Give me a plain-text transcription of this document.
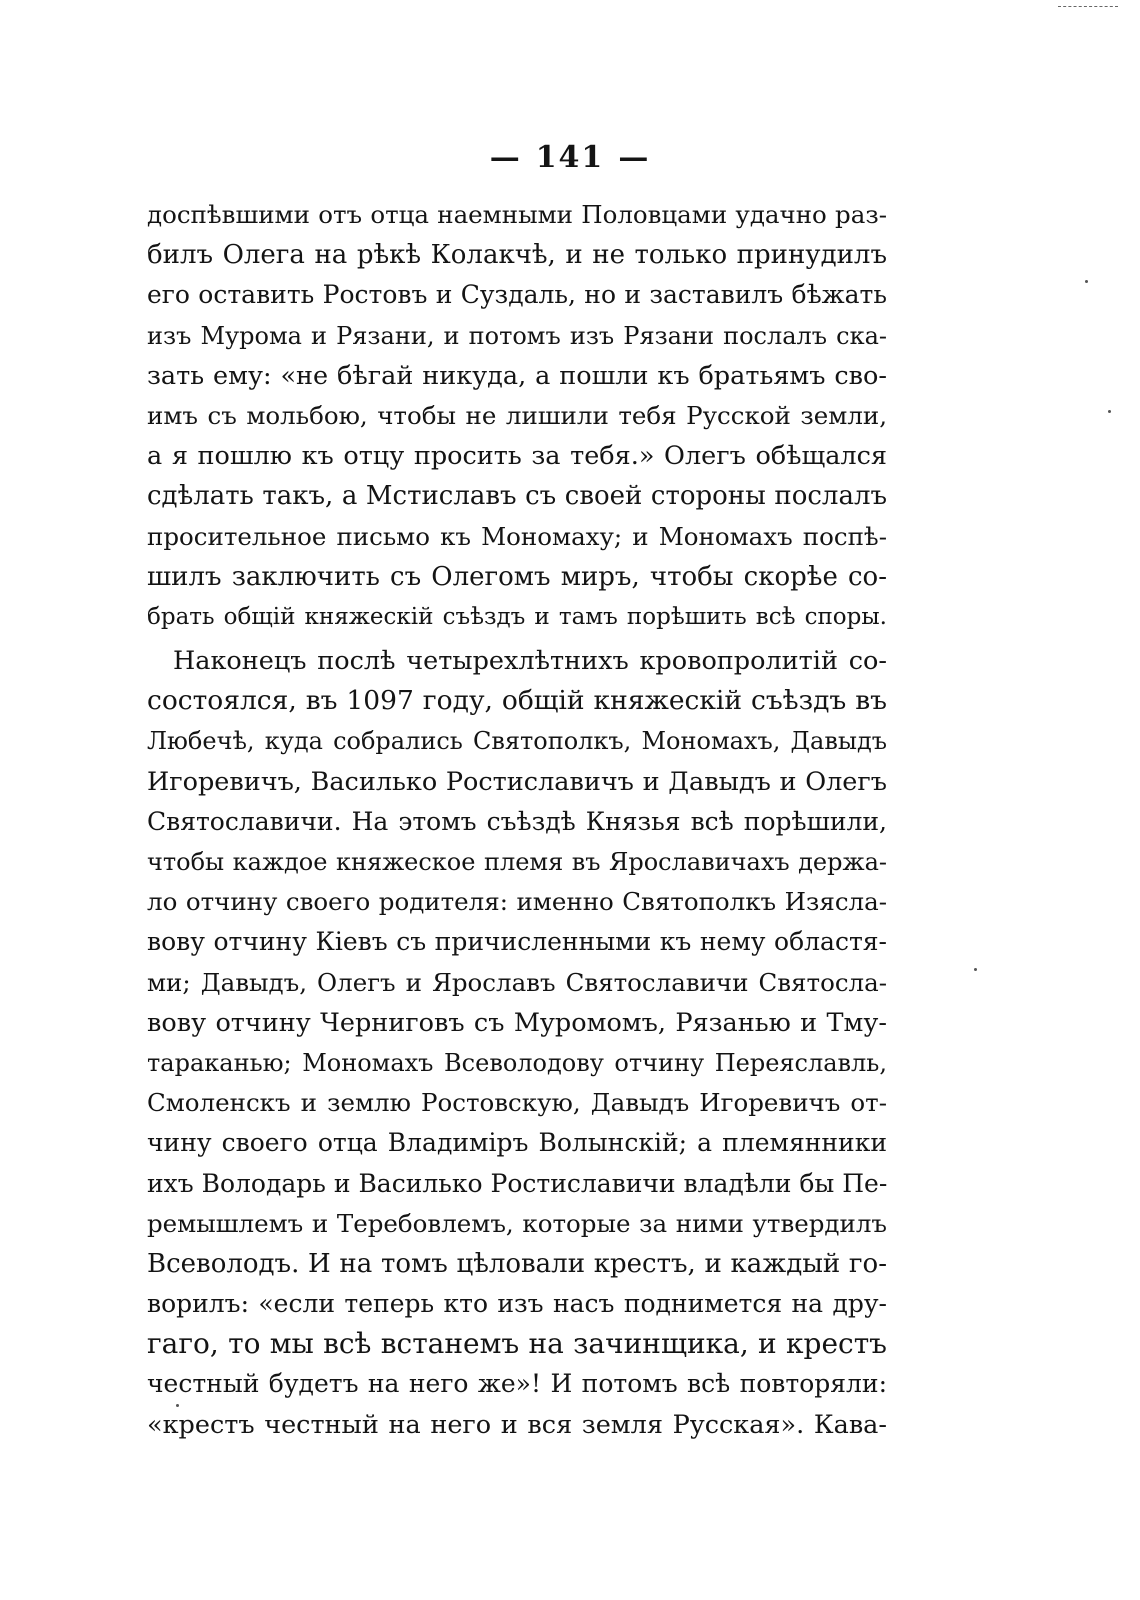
— 141 —
доспѣвшими отъ отца наемными Половцами удачно раз-
билъ Олега на рѣкѣ Колакчѣ, и не только принудилъ
его оставить Ростовъ и Суздаль, но и заставилъ бѣжать
изъ Мурома и Рязани, и потомъ изъ Рязани послалъ ска-
зать ему: «не бѣгай никуда, а пошли къ братьямъ сво-
имъ съ мольбою, чтобы не лишили тебя Русской земли,
а я пошлю къ отцу просить за тебя.» Олегъ обѣщался
сдѣлать такъ, а Мстиславъ съ своей стороны послалъ
просительное письмо къ Мономаху; и Мономахъ поспѣ-
шилъ заключить съ Олегомъ миръ, чтобы скорѣе со-
брать общій княжескій съѣздъ и тамъ порѣшить всѣ споры.
Наконецъ послѣ четырехлѣтнихъ кровопролитій со-
состоялся, въ 1097 году, общій княжескій съѣздъ въ
Любечѣ, куда собрались Святополкъ, Мономахъ, Давыдъ
Игоревичъ, Василько Ростиславичъ и Давыдъ и Олегъ
Святославичи. На этомъ съѣздѣ Князья всѣ порѣшили,
чтобы каждое княжеское племя въ Ярославичахъ держа-
ло отчину своего родителя: именно Святополкъ Изясла-
вову отчину Кіевъ съ причисленными къ нему областя-
ми; Давыдъ, Олегъ и Ярославъ Святославичи Святосла-
вову отчину Черниговъ съ Муромомъ, Рязанью и Тму-
тараканью; Мономахъ Всеволодову отчину Переяславль,
Смоленскъ и землю Ростовскую, Давыдъ Игоревичъ от-
чину своего отца Владиміръ Волынскій; а племянники
ихъ Володарь и Василько Ростиславичи владѣли бы Пе-
ремышлемъ и Теребовлемъ, которые за ними утвердилъ
Всеволодъ. И на томъ цѣловали крестъ, и каждый го-
ворилъ: «если теперь кто изъ насъ поднимется на дру-
гаго, то мы всѣ встанемъ на зачинщика, и крестъ
честный будетъ на него же»! И потомъ всѣ повторяли:
«крестъ честный на него и вся земля Русская». Кава-
